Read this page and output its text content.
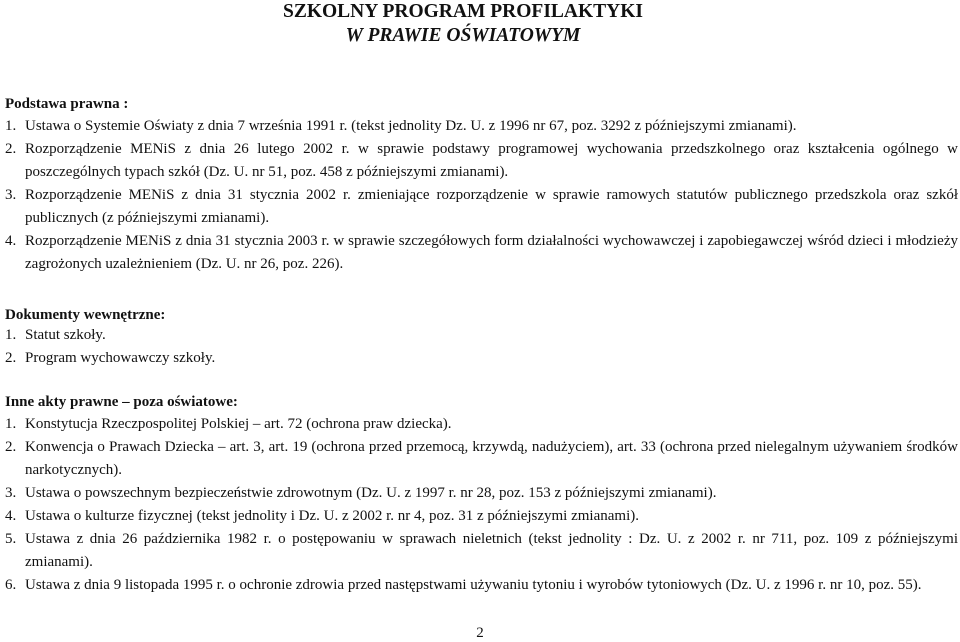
SZKOLNY PROGRAM PROFILAKTYKI
W PRAWIE OŚWIATOWYM
Podstawa prawna :
1. Ustawa o Systemie Oświaty z dnia 7 września 1991 r. (tekst jednolity Dz. U. z 1996 nr 67, poz. 3292 z późniejszymi zmianami).
2. Rozporządzenie MENiS z dnia 26 lutego 2002 r. w sprawie podstawy programowej wychowania przedszkolnego oraz kształcenia ogólnego w poszczególnych typach szkół (Dz. U. nr 51, poz. 458 z późniejszymi zmianami).
3. Rozporządzenie MENiS z dnia 31 stycznia 2002 r. zmieniające rozporządzenie w sprawie ramowych statutów publicznego przedszkola oraz szkół publicznych (z późniejszymi zmianami).
4. Rozporządzenie MENiS z dnia 31 stycznia 2003 r. w sprawie szczegółowych form działalności wychowawczej i zapobiegawczej wśród dzieci i młodzieży zagrożonych uzależnieniem (Dz. U. nr 26, poz. 226).
Dokumenty wewnętrzne:
1. Statut szkoły.
2. Program wychowawczy szkoły.
Inne akty prawne – poza oświatowe:
1. Konstytucja Rzeczpospolitej Polskiej – art. 72 (ochrona praw dziecka).
2. Konwencja o Prawach Dziecka – art. 3, art. 19 (ochrona przed przemocą, krzywdą, nadużyciem), art. 33 (ochrona przed nielegalnym używaniem środków narkotycznych).
3. Ustawa o powszechnym bezpieczeństwie zdrowotnym (Dz. U. z 1997 r. nr 28, poz. 153 z późniejszymi zmianami).
4. Ustawa o kulturze fizycznej (tekst jednolity i Dz. U. z 2002 r. nr 4, poz. 31 z późniejszymi zmianami).
5. Ustawa z dnia 26 października 1982 r. o postępowaniu w sprawach nieletnich (tekst jednolity : Dz. U. z 2002 r. nr 711, poz. 109 z późniejszymi zmianami).
6. Ustawa z dnia 9 listopada 1995 r. o ochronie zdrowia przed następstwami używaniu tytoniu i wyrobów tytoniowych (Dz. U. z 1996 r. nr 10, poz. 55).
2
